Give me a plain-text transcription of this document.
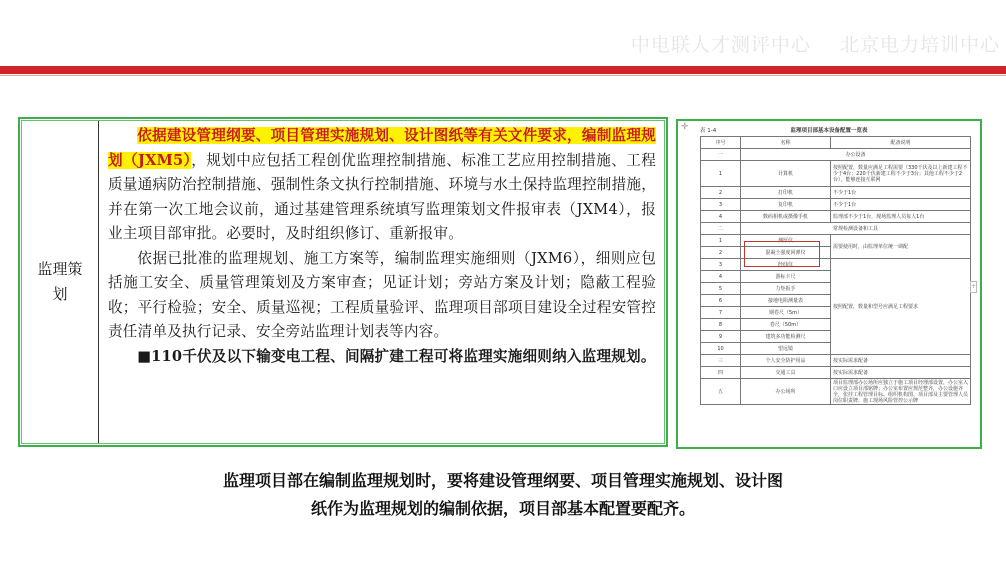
中电联人才测评中心 北京电力培训中心
监理策
划

依据建设管理纲要、项目管理实施规划、设计图纸等有关文件要求，编制监理规划（JXM5），规划中应包括工程创优监理控制措施、标准工艺应用控制措施、工程质量通病防治控制措施、强制性条文执行控制措施、环境与水土保持监理控制措施，并在第一次工地会议前，通过基建管理系统填写监理策划文件报审表（JXM4），报业主项目部审批。必要时，及时组织修订、重新报审。

依据已批准的监理规划、施工方案等，编制监理实施细则（JXM6），细则应包括施工安全、质量管理策划及方案审查；见证计划；旁站方案及计划；隐蔽工程验收；平行检验；安全、质量巡视；工程质量验评、监理项目部项目建设全过程安管控责任清单及执行记录、安全旁站监理计划表等内容。

■110千伏及以下输变电工程、间隔扩建工程可将监理实施细则纳入监理规划。

✛ 表 1-4	监理项目部基本设备配置一览表
序号	名称	配备说明
一	办公设备	
1	计算机	按照配置，数量应满足工程需要（330千伏及以上新建工程不少于4台；220千伏新建工程不少于3台；其他工程不少于2台），能够连接互联网
2	打印机	不少于1台
3	复印机	不少于1台
4	数码相机或摄像手机	监理部不少于1台，现场监理人员每人1台
二	常规检测设备和工具	
1	测厚仪	需要使用时，由监理单位统一调配
2	混凝土强度回弹仪	
3	经纬仪	按照配置，数量和型号应满足工程要求
4	游标卡尺	
5	力矩扳手	
6	接地电阻测量表	
7	钢卷尺（5m）	
8	卷尺（50m）	
9	建筑多功能检测尺	
10	望远镜	
三	个人安全防护用品	按实际需求配备
四	交通工具	按实际需求配备
五	办公场所	项目监理部办公场所应独立于施工项目经理部设置，办公室入口应设立项目部铭牌；办公室布置应规范整齐，办公设施齐全，张挂工程管理目标、组织机构图、项目部及主要管理人员岗位职责牌、施工现场风险管控公示牌
+
监理项目部在编制监理规划时，要将建设管理纲要、项目管理实施规划、设计图
纸作为监理规划的编制依据，项目部基本配置要配齐。
